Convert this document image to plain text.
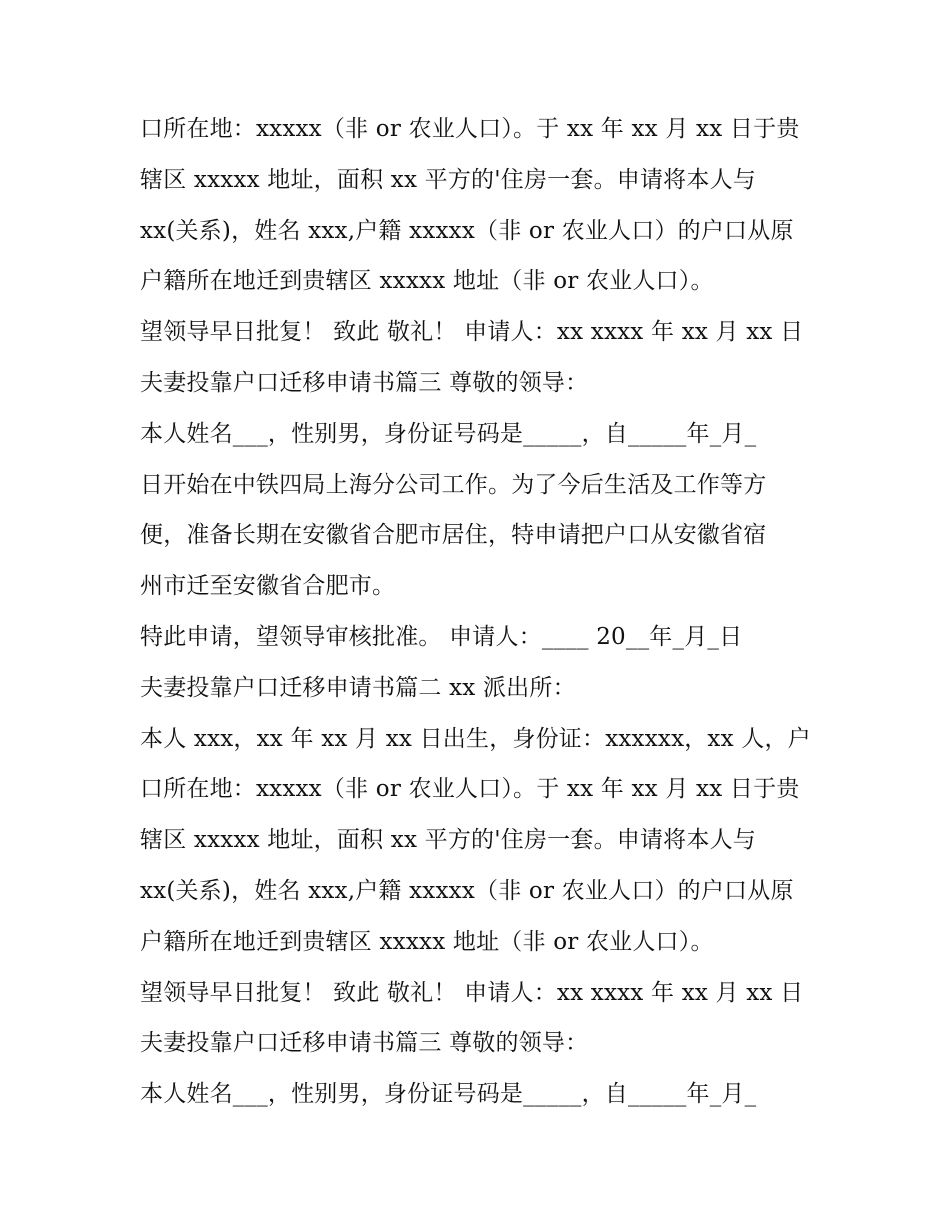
口所在地：xxxxx（非 or 农业人口）。于 xx 年 xx 月 xx 日于贵
辖区 xxxxx 地址，面积 xx 平方的'住房一套。申请将本人与
xx(关系)，姓名 xxx,户籍 xxxxx（非 or 农业人口）的户口从原
户籍所在地迁到贵辖区 xxxxx 地址（非 or 农业人口）。
望领导早日批复！ 致此 敬礼！ 申请人：xx xxxx 年 xx 月 xx 日
夫妻投靠户口迁移申请书篇三 尊敬的领导：
本人姓名___，性别男，身份证号码是_____，自_____年_月_
日开始在中铁四局上海分公司工作。为了今后生活及工作等方
便，准备长期在安徽省合肥市居住，特申请把户口从安徽省宿
州市迁至安徽省合肥市。
特此申请，望领导审核批准。 申请人：____ 20__年_月_日
夫妻投靠户口迁移申请书篇二 xx 派出所：
本人 xxx，xx 年 xx 月 xx 日出生，身份证：xxxxxx，xx 人，户
口所在地：xxxxx（非 or 农业人口）。于 xx 年 xx 月 xx 日于贵
辖区 xxxxx 地址，面积 xx 平方的'住房一套。申请将本人与
xx(关系)，姓名 xxx,户籍 xxxxx（非 or 农业人口）的户口从原
户籍所在地迁到贵辖区 xxxxx 地址（非 or 农业人口）。
望领导早日批复！ 致此 敬礼！ 申请人：xx xxxx 年 xx 月 xx 日
夫妻投靠户口迁移申请书篇三 尊敬的领导：
本人姓名___，性别男，身份证号码是_____，自_____年_月_
